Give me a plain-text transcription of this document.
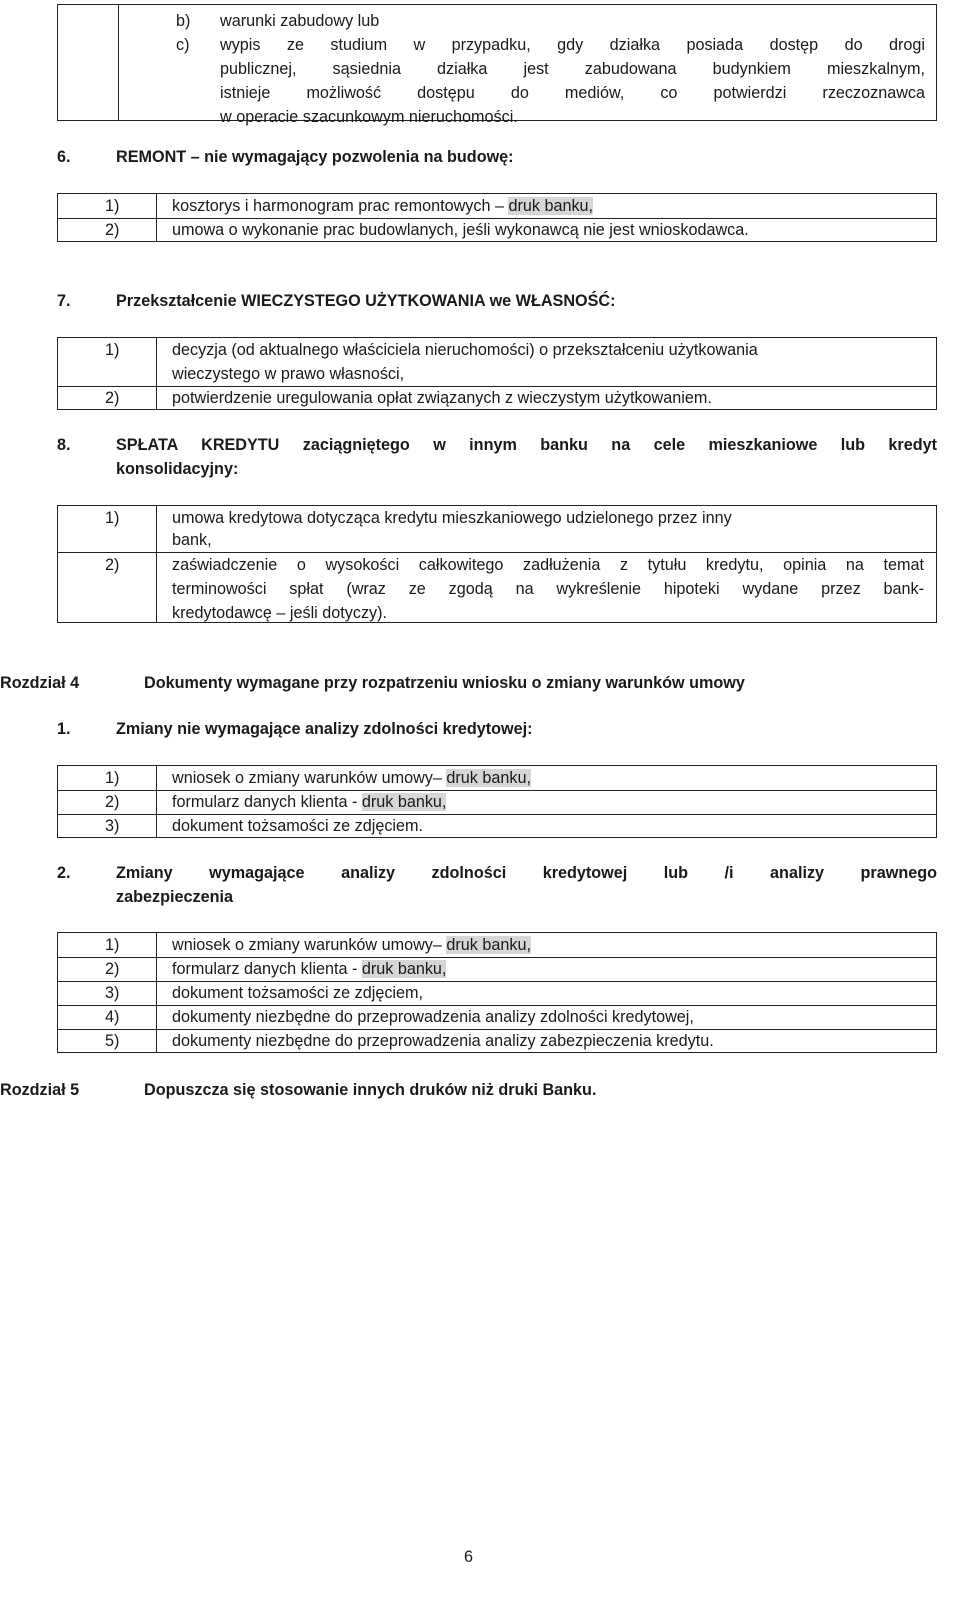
b) warunki zabudowy lub
c) wypis ze studium w przypadku, gdy działka posiada dostęp do drogi
publicznej, sąsiednia działka jest zabudowana budynkiem mieszkalnym,
istnieje możliwość dostępu do mediów, co potwierdzi rzeczoznawca
w operacie szacunkowym nieruchomości.
6.	REMONT – nie wymagający pozwolenia na budowę:
1)	kosztorys i harmonogram prac remontowych – druk banku,
2)	umowa o wykonanie prac budowlanych, jeśli wykonawcą nie jest wnioskodawca.
7.	Przekształcenie WIECZYSTEGO UŻYTKOWANIA we WŁASNOŚĆ:
1)	decyzja (od aktualnego właściciela nieruchomości) o przekształceniu użytkowania
wieczystego w prawo własności,
2)	potwierdzenie uregulowania opłat związanych z wieczystym użytkowaniem.
8.	SPŁATA KREDYTU zaciągniętego w innym banku na cele mieszkaniowe lub kredyt
konsolidacyjny:
1)	umowa kredytowa dotycząca kredytu mieszkaniowego udzielonego przez inny
bank,
2)	zaświadczenie o wysokości całkowitego zadłużenia z tytułu kredytu, opinia na temat
terminowości spłat (wraz ze zgodą na wykreślenie hipoteki wydane przez bank-
kredytodawcę – jeśli dotyczy).
Rozdział 4	Dokumenty wymagane przy rozpatrzeniu wniosku o zmiany warunków umowy
1.	Zmiany nie wymagające analizy zdolności kredytowej:
1)	wniosek o zmiany warunków umowy– druk banku,
2)	formularz danych klienta - druk banku,
3)	dokument tożsamości ze zdjęciem.
2.	Zmiany wymagające analizy zdolności kredytowej lub /i analizy prawnego
zabezpieczenia
1)	wniosek o zmiany warunków umowy– druk banku,
2)	formularz danych klienta - druk banku,
3)	dokument tożsamości ze zdjęciem,
4)	dokumenty niezbędne do przeprowadzenia analizy zdolności kredytowej,
5)	dokumenty niezbędne do przeprowadzenia analizy zabezpieczenia kredytu.
Rozdział 5	Dopuszcza się stosowanie innych druków niż druki Banku.
6
